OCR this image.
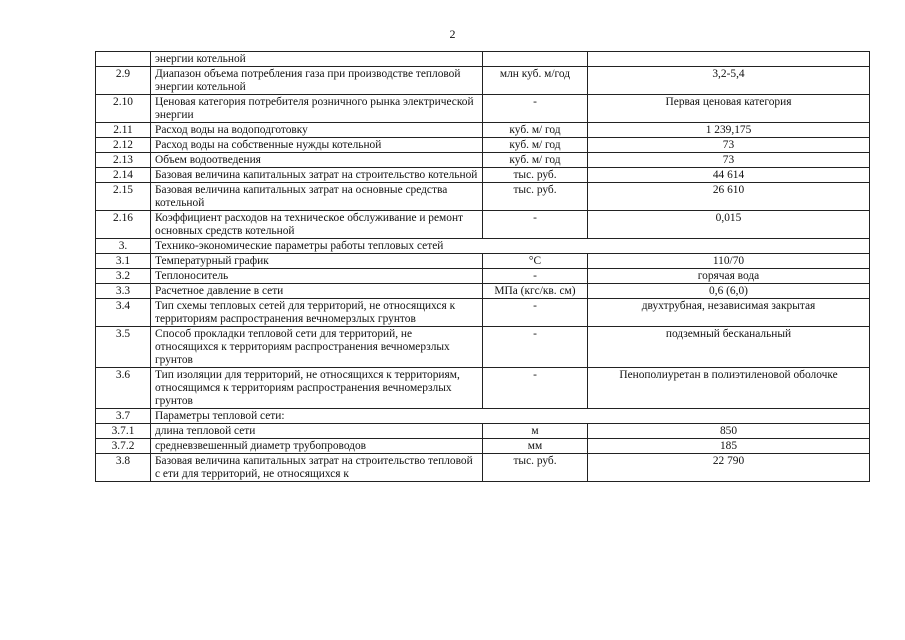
2
	энергии котельной		
2.9	Диапазон объема потребления газа при производстве тепловой энергии котельной	млн куб. м/год	3,2-5,4
2.10	Ценовая категория потребителя розничного рынка электрической энергии	-	Первая ценовая категория
2.11	Расход воды на водоподготовку	куб. м/ год	1 239,175
2.12	Расход воды на собственные нужды котельной	куб. м/ год	73
2.13	Объем водоотведения	куб. м/ год	73
2.14	Базовая величина капитальных затрат на строительство котельной	тыс. руб.	44 614
2.15	Базовая величина капитальных затрат на основные средства котельной	тыс. руб.	26 610
2.16	Коэффициент расходов на техническое обслуживание и ремонт основных средств котельной	-	0,015
3.	Технико-экономические параметры работы тепловых сетей		
3.1	Температурный график	°С	110/70
3.2	Теплоноситель	-	горячая вода
3.3	Расчетное давление в сети	МПа (кгс/кв. см)	0,6 (6,0)
3.4	Тип схемы тепловых сетей для территорий, не относящихся к территориям распространения вечномерзлых грунтов	-	двухтрубная, независимая закрытая
3.5	Способ прокладки тепловой сети для территорий, не относящихся к территориям распространения вечномерзлых грунтов	-	подземный бесканальный
3.6	Тип изоляции для территорий, не относящихся к территориям, относящимся к территориям распространения вечномерзлых грунтов	-	Пенополиуретан в полиэтиленовой оболочке
3.7	Параметры тепловой сети:		
3.7.1	длина тепловой сети	м	850
3.7.2	средневзвешенный диаметр трубопроводов	мм	185
3.8	Базовая величина капитальных затрат на строительство тепловой с ети для территорий, не относящихся к	тыс. руб.	22 790
